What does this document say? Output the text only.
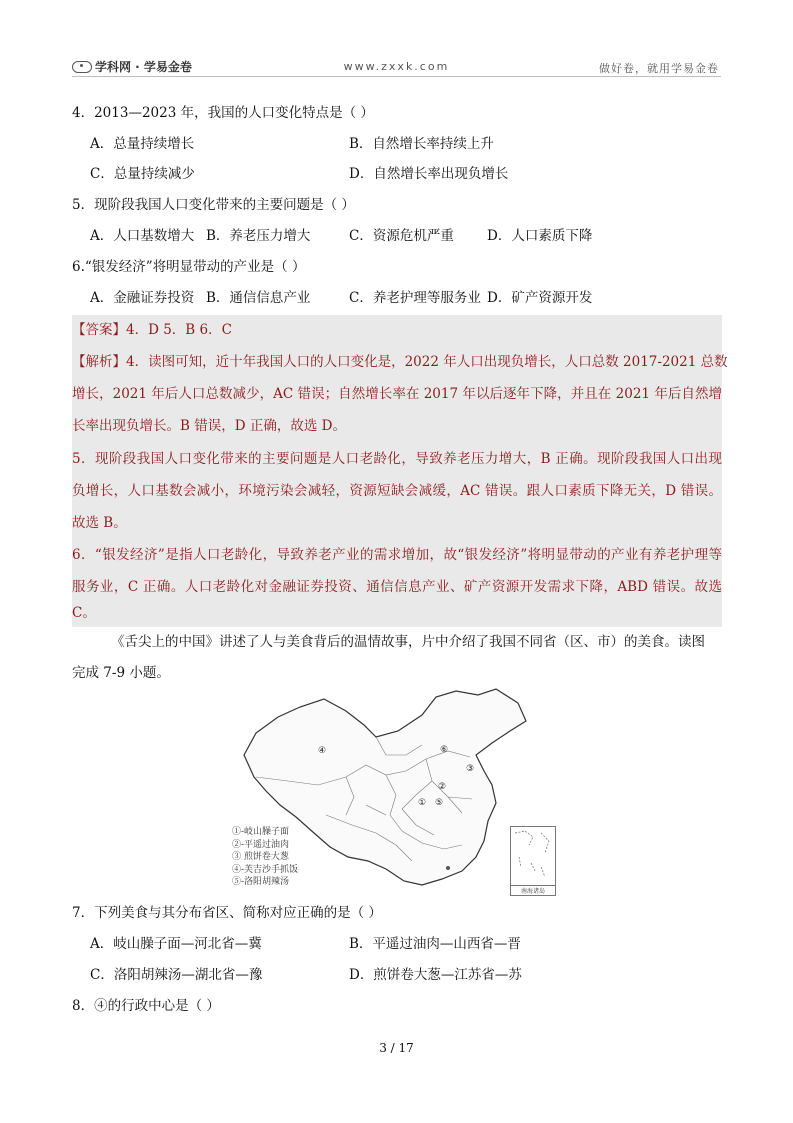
学科网 · 学易金卷	www.zxxk.com	做好卷，就用学易金卷
4．2013—2023 年，我国的人口变化特点是（ ）
A．总量持续增长	B．自然增长率持续上升
C．总量持续减少	D．自然增长率出现负增长
5．现阶段我国人口变化带来的主要问题是（ ）
A．人口基数增大 B．养老压力增大	C．资源危机严重 D．人口素质下降
6.“银发经济”将明显带动的产业是（ ）
A．金融证券投资 B．通信信息产业	C．养老护理等服务业 D．矿产资源开发
【答案】4．D 5．B 6．C
【解析】4．读图可知，近十年我国人口的人口变化是，2022 年人口出现负增长，人口总数 2017-2021 总数
增长，2021 年后人口总数减少，AC 错误；自然增长率在 2017 年以后逐年下降，并且在 2021 年后自然增
长率出现负增长。B 错误，D 正确，故选 D。
5．现阶段我国人口变化带来的主要问题是人口老龄化，导致养老压力增大，B 正确。现阶段我国人口出现
负增长，人口基数会减小，环境污染会减轻，资源短缺会减缓，AC 错误。跟人口素质下降无关，D 错误。
故选 B。
6．“银发经济”是指人口老龄化，导致养老产业的需求增加，故“银发经济”将明显带动的产业有养老护理等
服务业，C 正确。人口老龄化对金融证券投资、通信信息产业、矿产资源开发需求下降，ABD 错误。故选
C。
《舌尖上的中国》讲述了人与美食背后的温情故事，片中介绍了我国不同省（区、市）的美食。读图
完成 7-9 小题。
④	⑥
③
②
① ⑤
①-岐山臊子面
②-平遥过油肉
③ 煎饼卷大葱
④-芙吉沙手抓饭
⑤-洛阳胡辣汤
南海诸岛
7．下列美食与其分布省区、简称对应正确的是（ ）
A．岐山臊子面—河北省—冀	B．平遥过油肉—山西省—晋
C．洛阳胡辣汤—湖北省—豫	D．煎饼卷大葱—江苏省—苏
8．④的行政中心是（ ）
3 / 17
